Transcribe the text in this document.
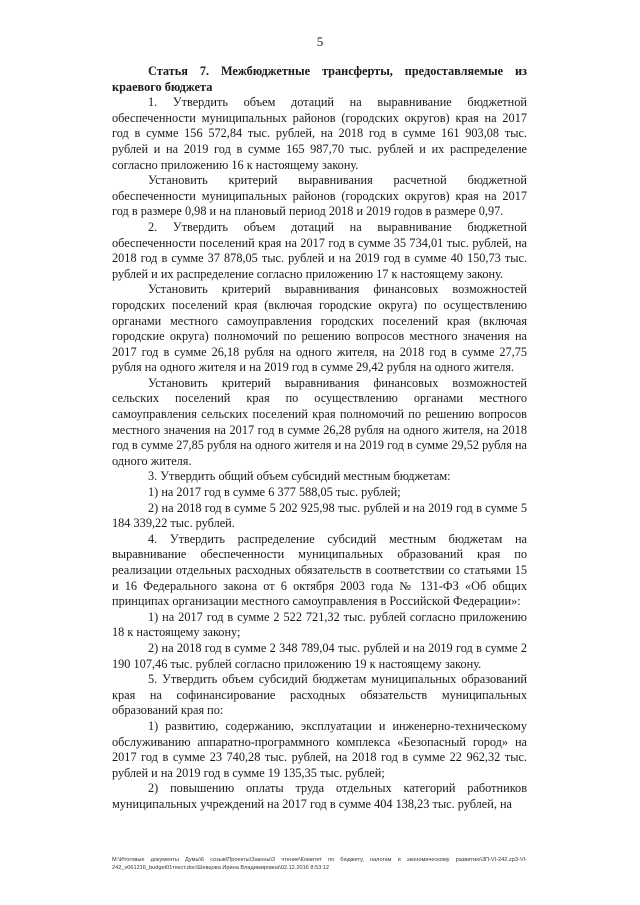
5

Статья 7. Межбюджетные трансферты, предоставляемые из краевого бюджета

1. Утвердить объем дотаций на выравнивание бюджетной обеспеченности муниципальных районов (городских округов) края на 2017 год в сумме 156 572,84 тыс. рублей, на 2018 год в сумме 161 903,08 тыс. рублей и на 2019 год в сумме 165 987,70 тыс. рублей и их распределение согласно приложению 16 к настоящему закону.

Установить критерий выравнивания расчетной бюджетной обеспеченности муниципальных районов (городских округов) края на 2017 год в размере 0,98 и на плановый период 2018 и 2019 годов в размере 0,97.

2. Утвердить объем дотаций на выравнивание бюджетной обеспеченности поселений края на 2017 год в сумме 35 734,01 тыс. рублей, на 2018 год в сумме 37 878,05 тыс. рублей и на 2019 год в сумме 40 150,73 тыс. рублей и их распределение согласно приложению 17 к настоящему закону.

Установить критерий выравнивания финансовых возможностей городских поселений края (включая городские округа) по осуществлению органами местного самоуправления городских поселений края (включая городские округа) полномочий по решению вопросов местного значения на 2017 год в сумме 26,18 рубля на одного жителя, на 2018 год в сумме 27,75 рубля на одного жителя и на 2019 год в сумме 29,42 рубля на одного жителя.

Установить критерий выравнивания финансовых возможностей сельских поселений края по осуществлению органами местного самоуправления сельских поселений края полномочий по решению вопросов местного значения на 2017 год в сумме 26,28 рубля на одного жителя, на 2018 год в сумме 27,85 рубля на одного жителя и на 2019 год в сумме 29,52 рубля на одного жителя.

3. Утвердить общий объем субсидий местным бюджетам:

1) на 2017 год в сумме 6 377 588,05 тыс. рублей;

2) на 2018 год в сумме 5 202 925,98 тыс. рублей и на 2019 год в сумме 5 184 339,22 тыс. рублей.

4. Утвердить распределение субсидий местным бюджетам на выравнивание обеспеченности муниципальных образований края по реализации отдельных расходных обязательств в соответствии со статьями 15 и 16 Федерального закона от 6 октября 2003 года № 131-ФЗ «Об общих принципах организации местного самоуправления в Российской Федерации»:

1) на 2017 год в сумме 2 522 721,32 тыс. рублей согласно приложению 18 к настоящему закону;

2) на 2018 год в сумме 2 348 789,04 тыс. рублей и на 2019 год в сумме 2 190 107,46 тыс. рублей согласно приложению 19 к настоящему закону.

5. Утвердить объем субсидий бюджетам муниципальных образований края на софинансирование расходных обязательств муниципальных образований края по:

1) развитию, содержанию, эксплуатации и инженерно-техническому обслуживанию аппаратно-программного комплекса «Безопасный город» на 2017 год в сумме 23 740,28 тыс. рублей, на 2018 год в сумме 22 962,32 тыс. рублей и на 2019 год в сумме 19 135,35 тыс. рублей;

2) повышению оплаты труда отдельных категорий работников муниципальных учреждений на 2017 год в сумме 404 138,23 тыс. рублей, на

M:\Итоговые документы Думы\6 созыв\Проекты\Законы\3 чтение\Комитет по бюджету, налогам и экономическому развитию\3П-VI-242.zp3-VI-242_v061216_budget01текст.doc\Шевцова Ирина Владимировна\02.12.2016 8:53:12
